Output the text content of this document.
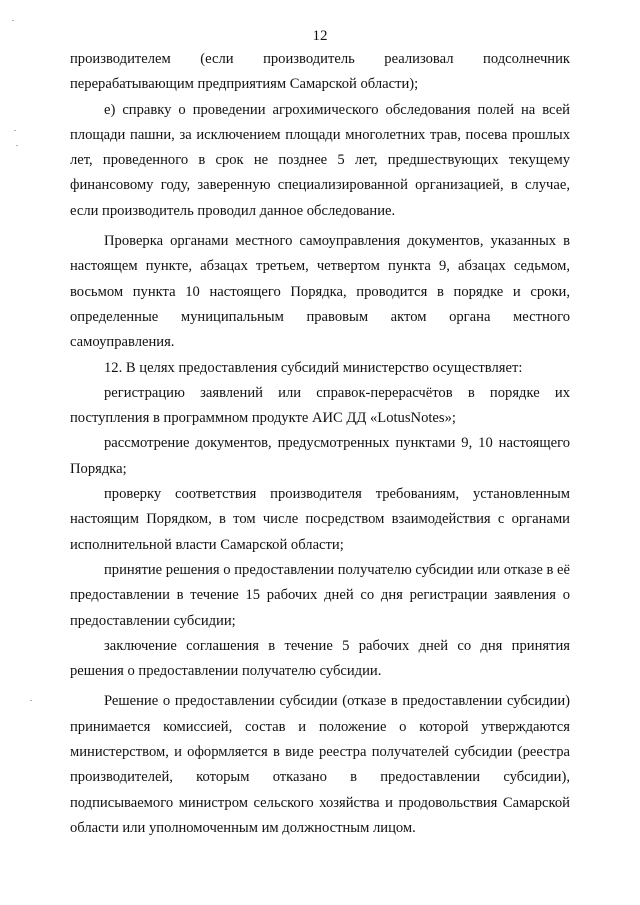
12

производителем (если производитель реализовал подсолнечник перерабатывающим предприятиям Самарской области);

е) справку о проведении агрохимического обследования полей на всей площади пашни, за исключением площади многолетних трав, посева прошлых лет, проведенного в срок не позднее 5 лет, предшествующих текущему финансовому году, заверенную специализированной организацией, в случае, если производитель проводил данное обследование.

Проверка органами местного самоуправления документов, указанных в настоящем пункте, абзацах третьем, четвертом пункта 9, абзацах седьмом, восьмом пункта 10 настоящего Порядка, проводится в порядке и сроки, определенные муниципальным правовым актом органа местного самоуправления.

12. В целях предоставления субсидий министерство осуществляет:

регистрацию заявлений или справок-перерасчётов в порядке их поступления в программном продукте АИС ДД «LotusNotes»;

рассмотрение документов, предусмотренных пунктами 9, 10 настоящего Порядка;

проверку соответствия производителя требованиям, установленным настоящим Порядком, в том числе посредством взаимодействия с органами исполнительной власти Самарской области;

принятие решения о предоставлении получателю субсидии или отказе в её предоставлении в течение 15 рабочих дней со дня регистрации заявления о предоставлении субсидии;

заключение соглашения в течение 5 рабочих дней со дня принятия решения о предоставлении получателю субсидии.

Решение о предоставлении субсидии (отказе в предоставлении субсидии) принимается комиссией, состав и положение о которой утверждаются министерством, и оформляется в виде реестра получателей субсидии (реестра производителей, которым отказано в предоставлении субсидии), подписываемого министром сельского хозяйства и продовольствия Самарской области или уполномоченным им должностным лицом.
